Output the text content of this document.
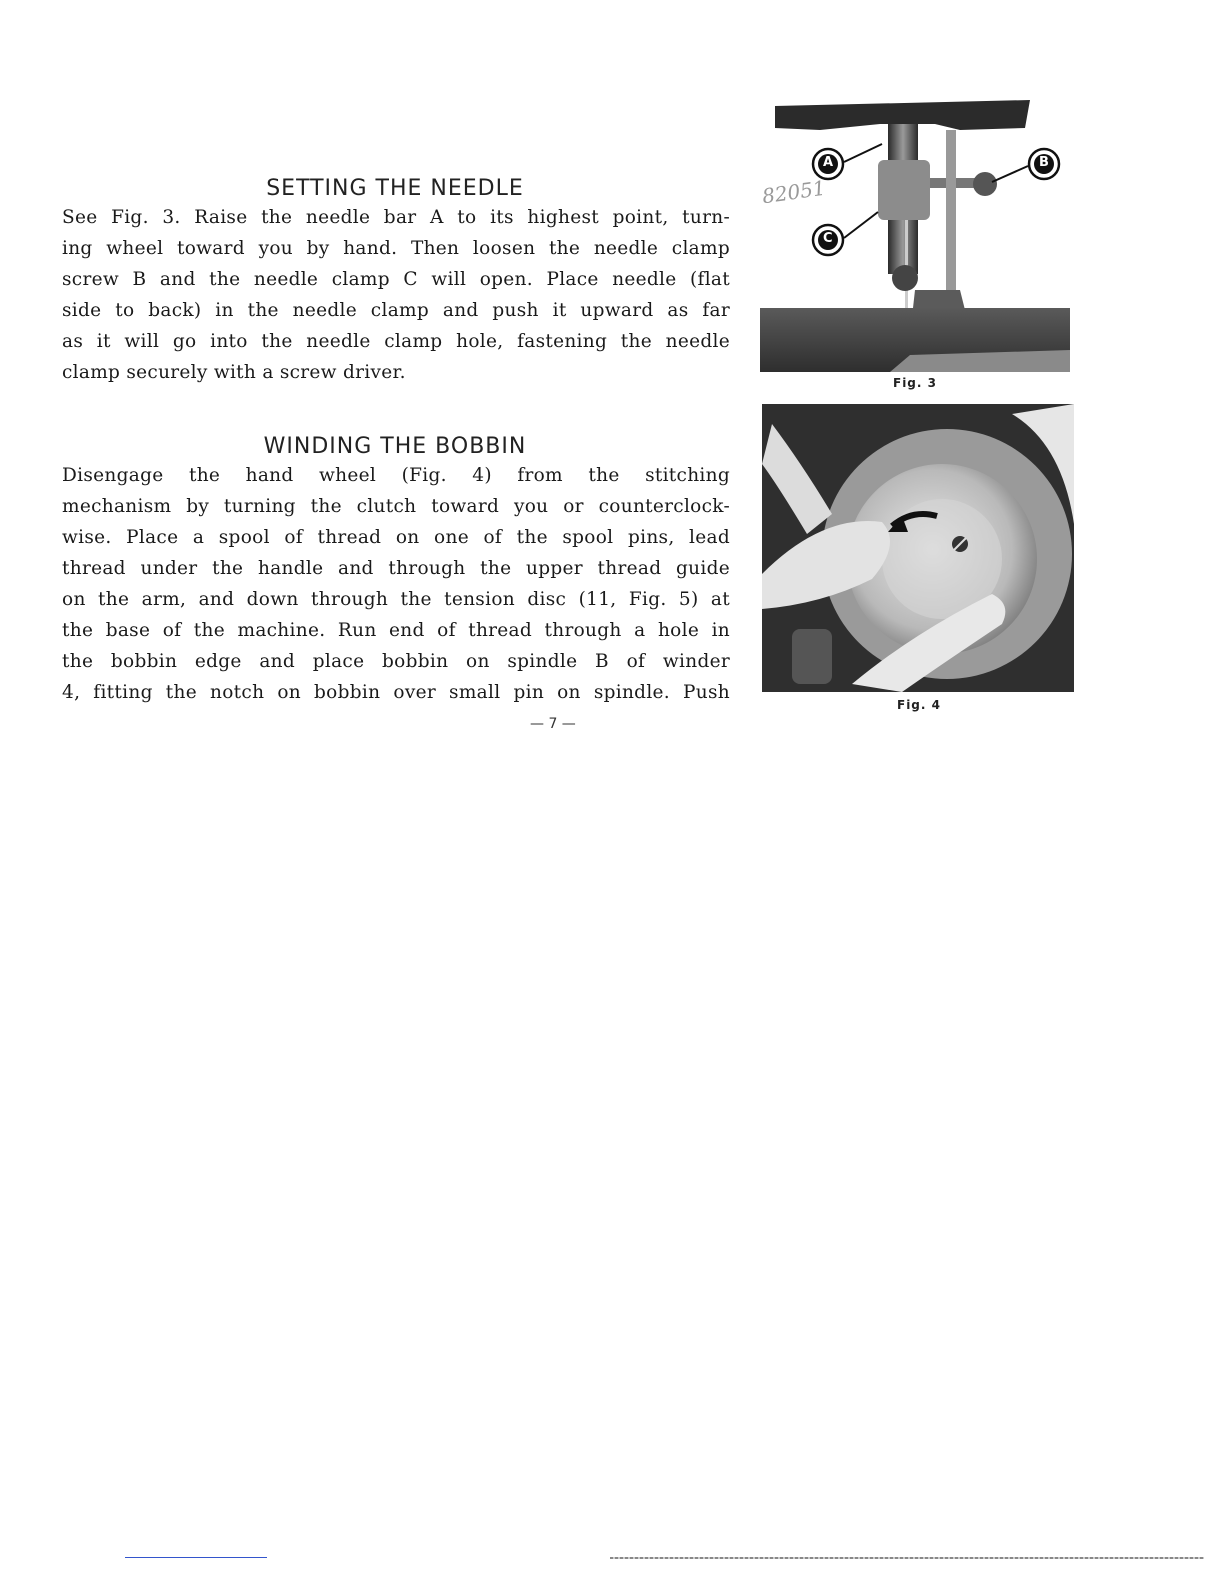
SETTING THE NEEDLE

See Fig. 3. Raise the needle bar A to its highest point, turn-
ing wheel toward you by hand. Then loosen the needle clamp
screw B and the needle clamp C will open. Place needle (flat
side to back) in the needle clamp and push it upward as far
as it will go into the needle clamp hole, fastening the needle
clamp securely with a screw driver.

WINDING THE BOBBIN

Disengage the hand wheel (Fig. 4) from the stitching
mechanism by turning the clutch toward you or counterclock-
wise. Place a spool of thread on one of the spool pins, lead
thread under the handle and through the upper thread guide
on the arm, and down through the tension disc (11, Fig. 5) at
the base of the machine. Run end of thread through a hole in
the bobbin edge and place bobbin on spindle B of winder
4, fitting the notch on bobbin over small pin on spindle. Push

A
C
B
82051
Fig. 3
Fig. 4
— 7 —
